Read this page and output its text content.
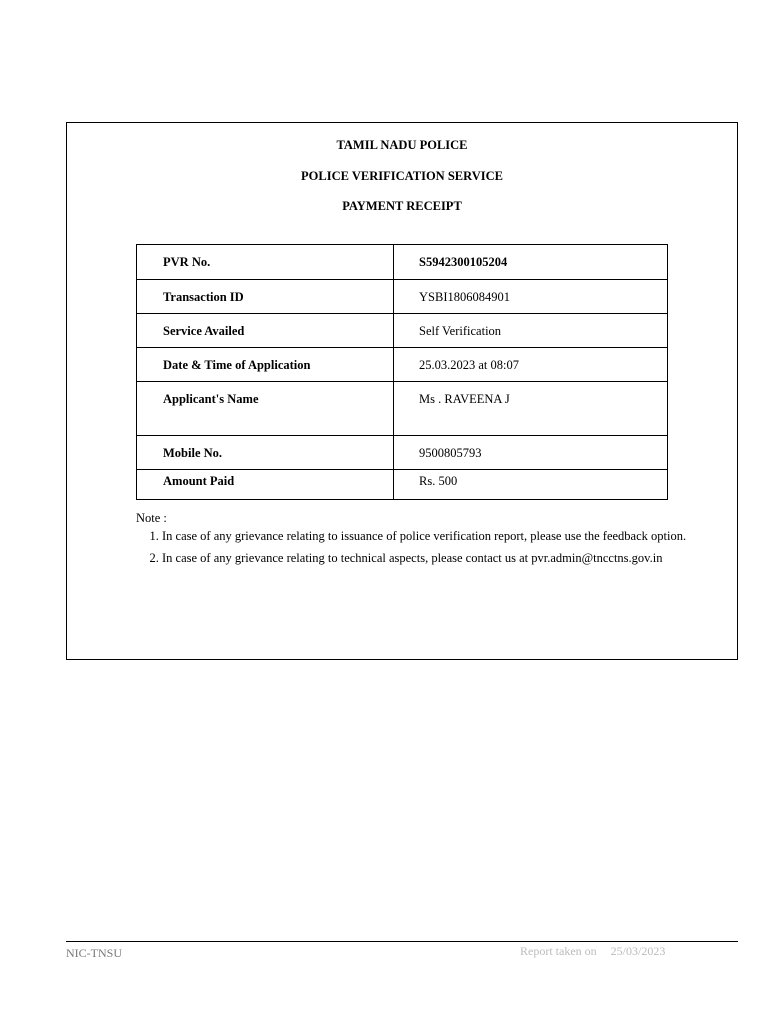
TAMIL NADU POLICE
POLICE VERIFICATION SERVICE
PAYMENT RECEIPT
PVR No.	S5942300105204

Transaction ID	YSBI1806084901

Service Availed	Self Verification

Date & Time of Application	25.03.2023 at 08:07

Applicant's Name	Ms . RAVEENA J

Mobile No.	9500805793

Amount Paid	Rs. 500
Note :
1. In case of any grievance relating to issuance of police verification report, please use the feedback option.
2. In case of any grievance relating to technical aspects, please contact us at pvr.admin@tncctns.gov.in
NIC-TNSU	Report taken on 25/03/2023
